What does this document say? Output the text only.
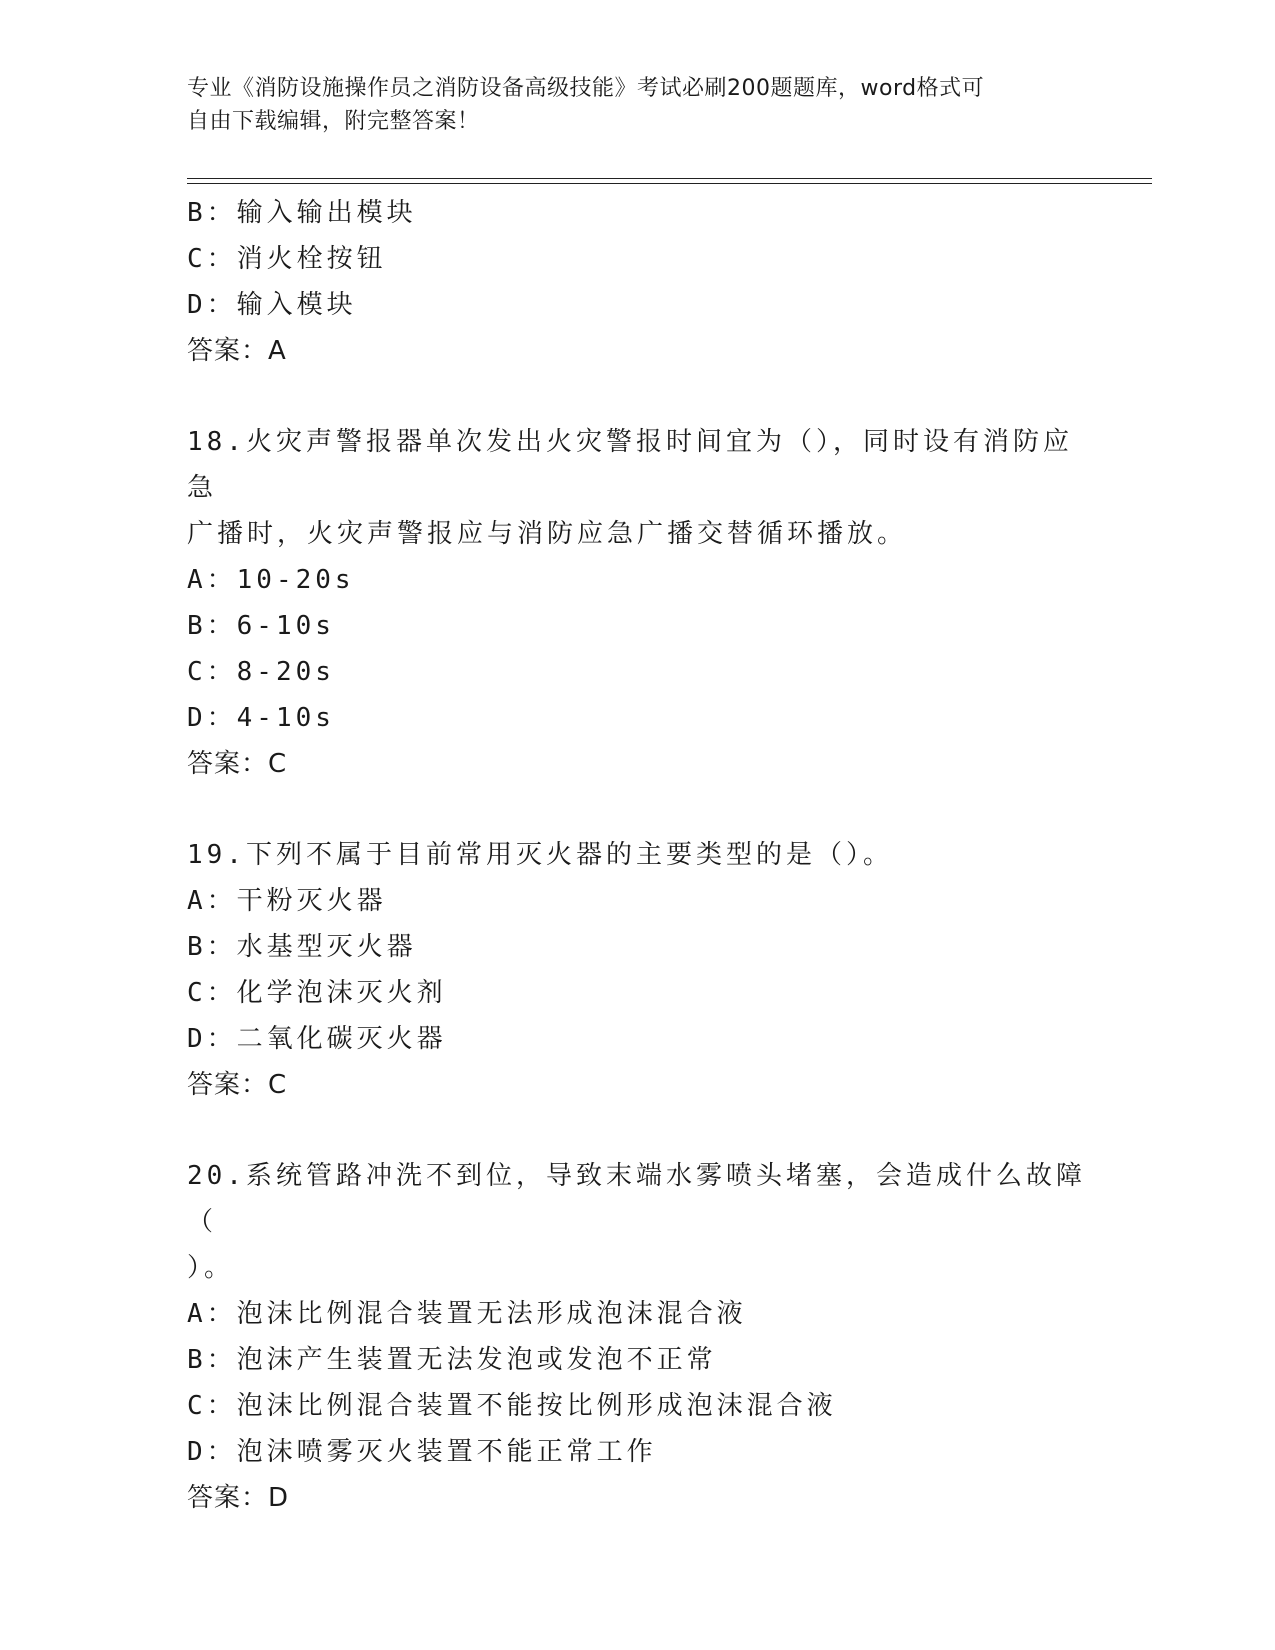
专业《消防设施操作员之消防设备高级技能》考试必刷200题题库，word格式可
自由下载编辑，附完整答案！
B：输入输出模块
C：消火栓按钮
D：输入模块
答案：A
18.火灾声警报器单次发出火灾警报时间宜为（），同时设有消防应急
广播时，火灾声警报应与消防应急广播交替循环播放。
A：10-20s
B：6-10s
C：8-20s
D：4-10s
答案：C
19.下列不属于目前常用灭火器的主要类型的是（）。
A：干粉灭火器
B：水基型灭火器
C：化学泡沫灭火剂
D：二氧化碳灭火器
答案：C
20.系统管路冲洗不到位，导致末端水雾喷头堵塞，会造成什么故障（
）。
A：泡沫比例混合装置无法形成泡沫混合液
B：泡沫产生装置无法发泡或发泡不正常
C：泡沫比例混合装置不能按比例形成泡沫混合液
D：泡沫喷雾灭火装置不能正常工作
答案：D
